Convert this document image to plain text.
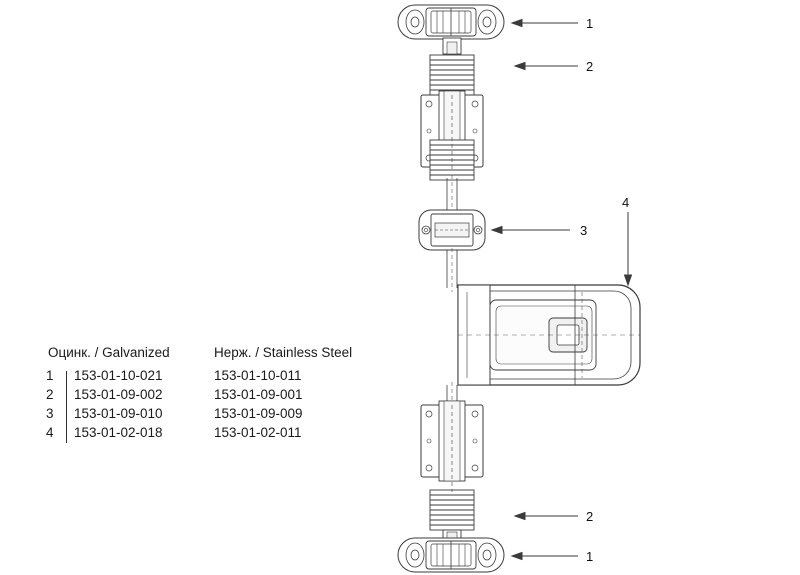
1
2
3
4
2
1
Оцинк. / Galvanized	Нерж. / Stainless Steel
1	153-01-10-021	153-01-10-011
2	153-01-09-002	153-01-09-001
3	153-01-09-010	153-01-09-009
4	153-01-02-018	153-01-02-011
